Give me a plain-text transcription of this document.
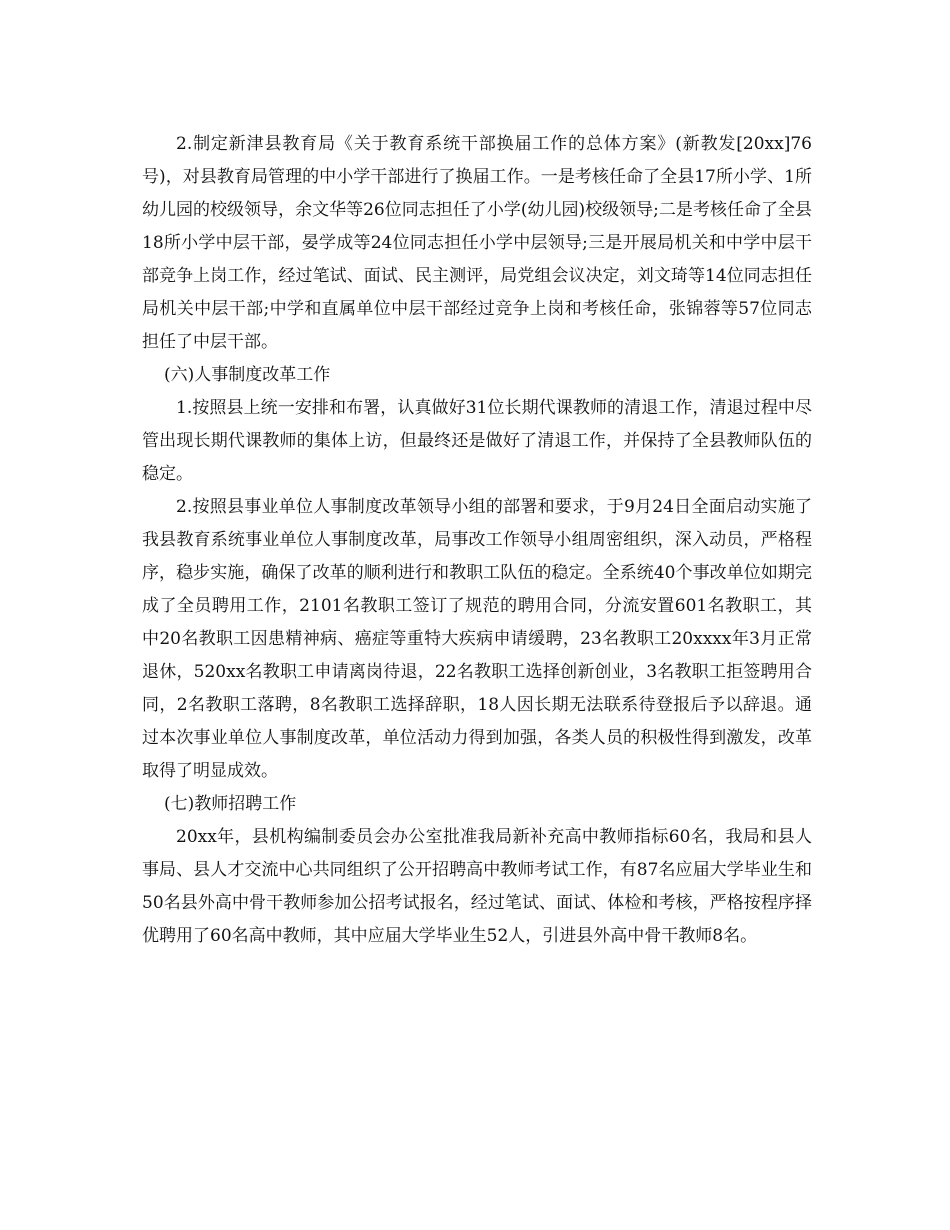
2.制定新津县教育局《关于教育系统干部换届工作的总体方案》(新教发[20xx]76号)，对县教育局管理的中小学干部进行了换届工作。一是考核任命了全县17所小学、1所幼儿园的校级领导，余文华等26位同志担任了小学(幼儿园)校级领导;二是考核任命了全县18所小学中层干部，晏学成等24位同志担任小学中层领导;三是开展局机关和中学中层干部竞争上岗工作，经过笔试、面试、民主测评，局党组会议决定，刘文琦等14位同志担任局机关中层干部;中学和直属单位中层干部经过竞争上岗和考核任命，张锦蓉等57位同志担任了中层干部。

(六)人事制度改革工作

1.按照县上统一安排和布署，认真做好31位长期代课教师的清退工作，清退过程中尽管出现长期代课教师的集体上访，但最终还是做好了清退工作，并保持了全县教师队伍的稳定。

2.按照县事业单位人事制度改革领导小组的部署和要求，于9月24日全面启动实施了我县教育系统事业单位人事制度改革，局事改工作领导小组周密组织，深入动员，严格程序，稳步实施，确保了改革的顺利进行和教职工队伍的稳定。全系统40个事改单位如期完成了全员聘用工作，2101名教职工签订了规范的聘用合同，分流安置601名教职工，其中20名教职工因患精神病、癌症等重特大疾病申请缓聘，23名教职工20xxxx年3月正常退休，520xx名教职工申请离岗待退，22名教职工选择创新创业，3名教职工拒签聘用合同，2名教职工落聘，8名教职工选择辞职，18人因长期无法联系待登报后予以辞退。通过本次事业单位人事制度改革，单位活动力得到加强，各类人员的积极性得到激发，改革取得了明显成效。

(七)教师招聘工作

20xx年，县机构编制委员会办公室批准我局新补充高中教师指标60名，我局和县人事局、县人才交流中心共同组织了公开招聘高中教师考试工作，有87名应届大学毕业生和50名县外高中骨干教师参加公招考试报名，经过笔试、面试、体检和考核，严格按程序择优聘用了60名高中教师，其中应届大学毕业生52人，引进县外高中骨干教师8名。
